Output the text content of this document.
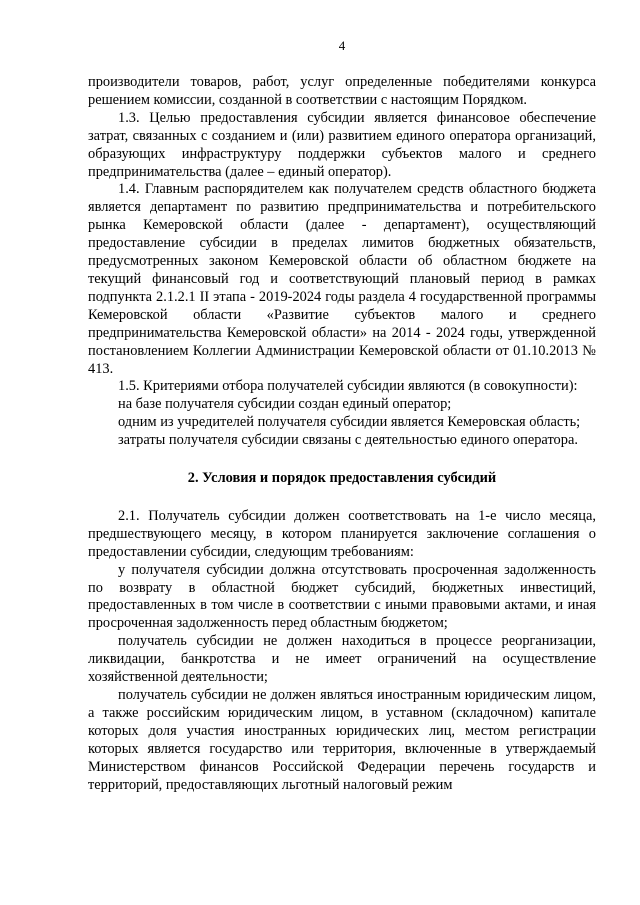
4

производители товаров, работ, услуг определенные победителями конкурса решением комиссии, созданной в соответствии с настоящим Порядком.

1.3. Целью предоставления субсидии является финансовое обеспечение затрат, связанных с созданием и (или) развитием единого оператора организаций, образующих инфраструктуру поддержки субъектов малого и среднего предпринимательства (далее – единый оператор).

1.4. Главным распорядителем как получателем средств областного бюджета является департамент по развитию предпринимательства и потребительского рынка Кемеровской области (далее - департамент), осуществляющий предоставление субсидии в пределах лимитов бюджетных обязательств, предусмотренных законом Кемеровской области об областном бюджете на текущий финансовый год и соответствующий плановый период в рамках подпункта 2.1.2.1 II этапа - 2019-2024 годы раздела 4 государственной программы Кемеровской области «Развитие субъектов малого и среднего предпринимательства Кемеровской области» на 2014 - 2024 годы, утвержденной постановлением Коллегии Администрации Кемеровской области от 01.10.2013 № 413.

1.5. Критериями отбора получателей субсидии являются (в совокупности):

на базе получателя субсидии создан единый оператор;

одним из учредителей получателя субсидии является Кемеровская область;

затраты получателя субсидии связаны с деятельностью единого оператора.

2. Условия и порядок предоставления субсидий

2.1. Получатель субсидии должен соответствовать на 1-е число месяца, предшествующего месяцу, в котором планируется заключение соглашения о предоставлении субсидии, следующим требованиям:

у получателя субсидии должна отсутствовать просроченная задолженность по возврату в областной бюджет субсидий, бюджетных инвестиций, предоставленных в том числе в соответствии с иными правовыми актами, и иная просроченная задолженность перед областным бюджетом;

получатель субсидии не должен находиться в процессе реорганизации, ликвидации, банкротства и не имеет ограничений на осуществление хозяйственной деятельности;

получатель субсидии не должен являться иностранным юридическим лицом, а также российским юридическим лицом, в уставном (складочном) капитале которых доля участия иностранных юридических лиц, местом регистрации которых является государство или территория, включенные в утверждаемый Министерством финансов Российской Федерации перечень государств и территорий, предоставляющих льготный налоговый режим
